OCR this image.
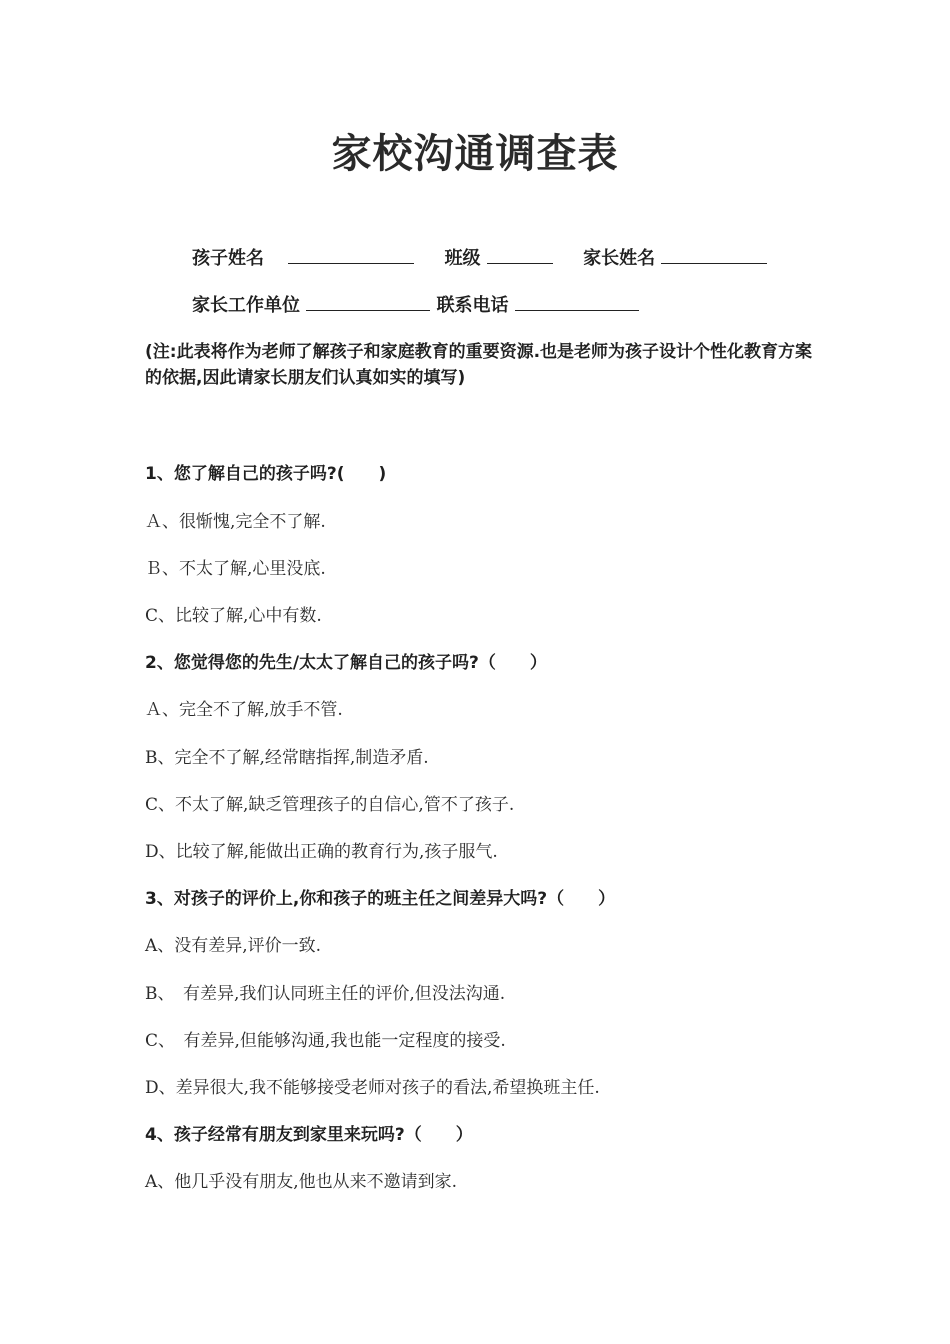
家校沟通调查表
孩子姓名	班级	家长姓名
家长工作单位	联系电话
(注:此表将作为老师了解孩子和家庭教育的重要资源.也是老师为孩子设计个性化教育方案的依据,因此请家长朋友们认真如实的填写)
1、您了解自己的孩子吗?(　　)
Ａ、很惭愧,完全不了解.
Ｂ、不太了解,心里没底.
C、比较了解,心中有数.
2、您觉得您的先生/太太了解自己的孩子吗?（　　）
Ａ、完全不了解,放手不管.
B、完全不了解,经常瞎指挥,制造矛盾.
C、不太了解,缺乏管理孩子的自信心,管不了孩子.
D、比较了解,能做出正确的教育行为,孩子服气.
3、对孩子的评价上,你和孩子的班主任之间差异大吗?（　　）
A、没有差异,评价一致.
B、　有差异,我们认同班主任的评价,但没法沟通.
C、　有差异,但能够沟通,我也能一定程度的接受.
D、差异很大,我不能够接受老师对孩子的看法,希望换班主任.
4、孩子经常有朋友到家里来玩吗?（　　）
A、他几乎没有朋友,他也从来不邀请到家.
